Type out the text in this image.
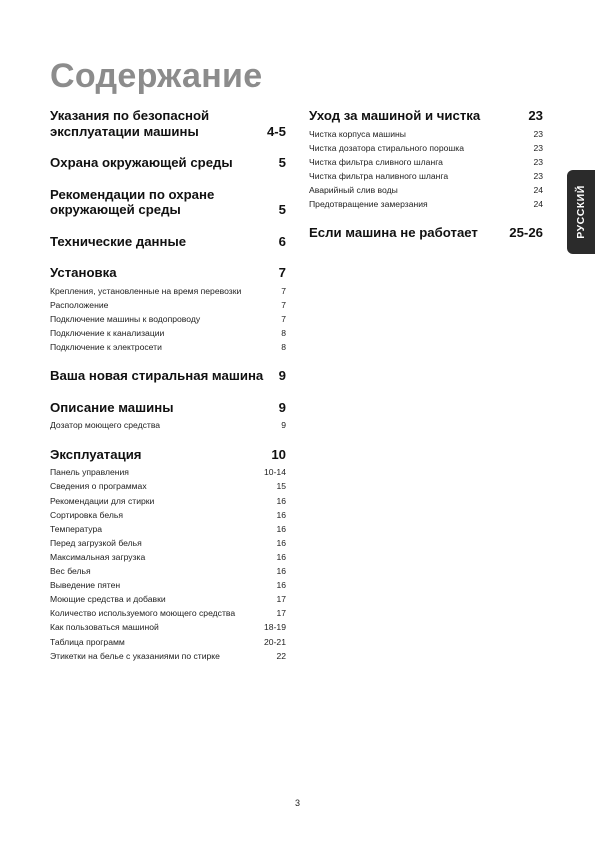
Содержание
Указания по безопасной эксплуатации машины	4-5
Охрана окружающей среды	5
Рекомендации по охране окружающей среды	5
Технические данные	6
Установка	7
Крепления, установленные на время перевозки	7
Расположение	7
Подключение машины к водопроводу	7
Подключение к канализации	8
Подключение к электросети	8
Ваша новая стиральная машина	9
Описание машины	9
Дозатор моющего средства	9
Эксплуатация	10
Панель управления	10-14
Сведения о программах	15
Рекомендации для стирки	16
Сортировка белья	16
Температура	16
Перед загрузкой белья	16
Максимальная загрузка	16
Вес белья	16
Выведение пятен	16
Моющие средства и добавки	17
Количество используемого моющего средства	17
Как пользоваться машиной	18-19
Таблица программ	20-21
Этикетки на белье с указаниями по стирке	22
Уход за машиной и чистка	23
Чистка корпуса машины	23
Чистка дозатора стирального порошка	23
Чистка фильтра сливного шланга	23
Чистка фильтра наливного шланга	23
Аварийный слив воды	24
Предотвращение замерзания	24
Если машина не работает	25-26	РУССКИЙ
3
